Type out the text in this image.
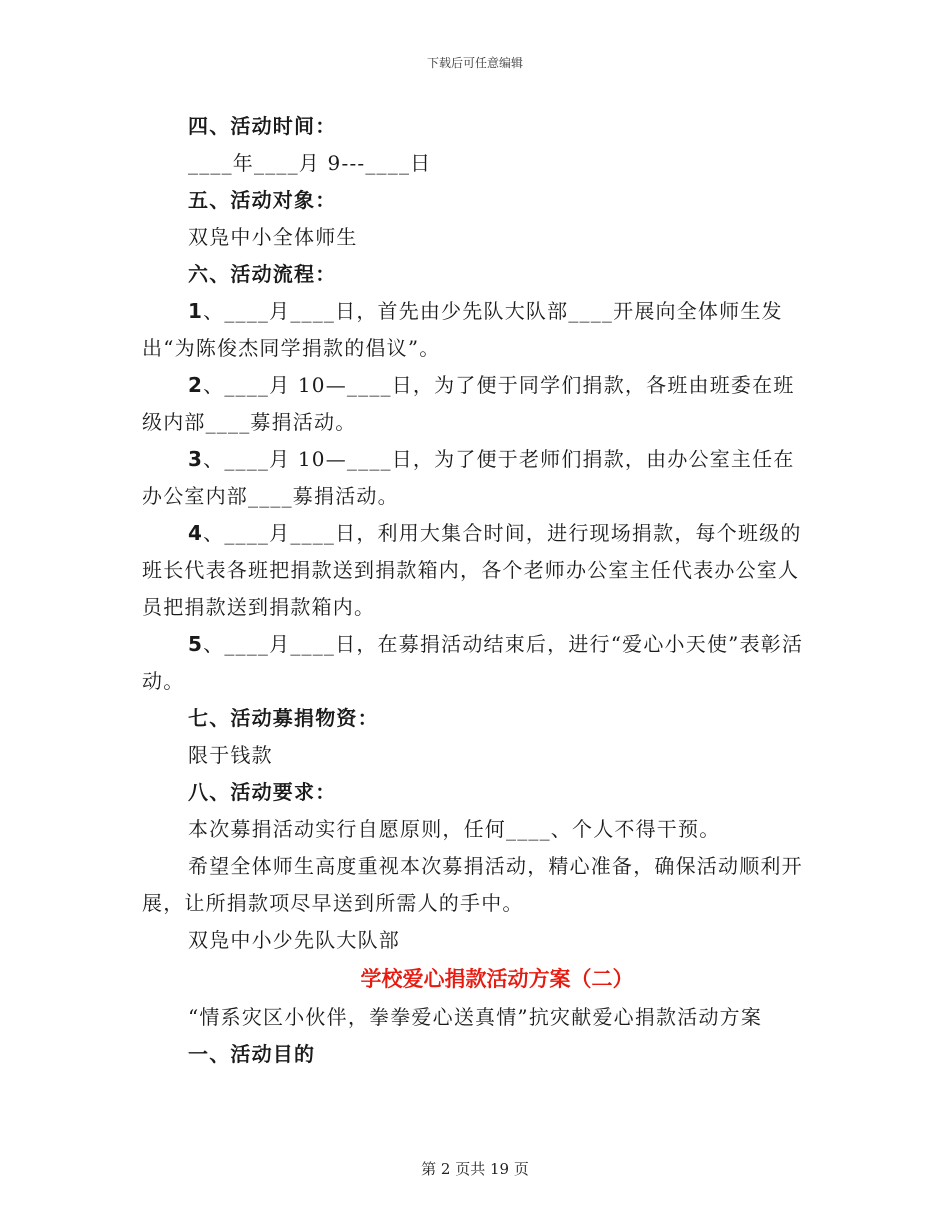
下载后可任意编辑

四、活动时间：

____年____月 9---____日

五、活动对象：

双凫中小全体师生

六、活动流程：

1、____月____日，首先由少先队大队部____开展向全体师生发出“为陈俊杰同学捐款的倡议”。

2、____月 10—____日，为了便于同学们捐款，各班由班委在班级内部____募捐活动。

3、____月 10—____日，为了便于老师们捐款，由办公室主任在办公室内部____募捐活动。

4、____月____日，利用大集合时间，进行现场捐款，每个班级的班长代表各班把捐款送到捐款箱内，各个老师办公室主任代表办公室人员把捐款送到捐款箱内。

5、____月____日，在募捐活动结束后，进行“爱心小天使”表彰活动。

七、活动募捐物资：

限于钱款

八、活动要求：

本次募捐活动实行自愿原则，任何____、个人不得干预。

希望全体师生高度重视本次募捐活动，精心准备，确保活动顺利开展，让所捐款项尽早送到所需人的手中。

双凫中小少先队大队部

学校爱心捐款活动方案（二）

“情系灾区小伙伴，拳拳爱心送真情”抗灾献爱心捐款活动方案

一、活动目的

第 2 页共 19 页
